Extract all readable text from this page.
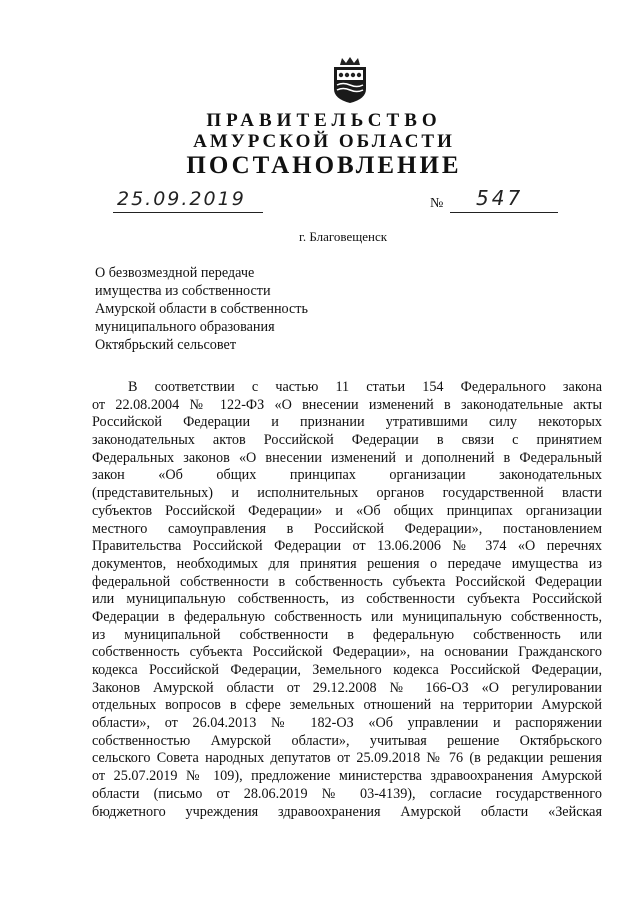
ПРАВИТЕЛЬСТВО
АМУРСКОЙ ОБЛАСТИ
ПОСТАНОВЛЕНИЕ
25.09.2019	№ 547
г. Благовещенск
О безвозмездной передаче
имущества из собственности
Амурской области в собственность
муниципального образования
Октябрьский сельсовет
В соответствии с частью 11 статьи 154 Федерального закона
от 22.08.2004 № 122-ФЗ «О внесении изменений в законодательные акты
Российской Федерации и признании утратившими силу некоторых
законодательных актов Российской Федерации в связи с принятием
Федеральных законов «О внесении изменений и дополнений в Федеральный
закон «Об общих принципах организации законодательных
(представительных) и исполнительных органов государственной власти
субъектов Российской Федерации» и «Об общих принципах организации
местного самоуправления в Российской Федерации», постановлением
Правительства Российской Федерации от 13.06.2006 № 374 «О перечнях
документов, необходимых для принятия решения о передаче имущества из
федеральной собственности в собственность субъекта Российской Федерации
или муниципальную собственность, из собственности субъекта Российской
Федерации в федеральную собственность или муниципальную собственность,
из муниципальной собственности в федеральную собственность или
собственность субъекта Российской Федерации», на основании Гражданского
кодекса Российской Федерации, Земельного кодекса Российской Федерации,
Законов Амурской области от 29.12.2008 № 166-ОЗ «О регулировании
отдельных вопросов в сфере земельных отношений на территории Амурской
области», от 26.04.2013 № 182-ОЗ «Об управлении и распоряжении
собственностью Амурской области», учитывая решение Октябрьского
сельского Совета народных депутатов от 25.09.2018 № 76 (в редакции решения
от 25.07.2019 № 109), предложение министерства здравоохранения Амурской
области (письмо от 28.06.2019 № 03-4139), согласие государственного
бюджетного учреждения здравоохранения Амурской области «Зейская
